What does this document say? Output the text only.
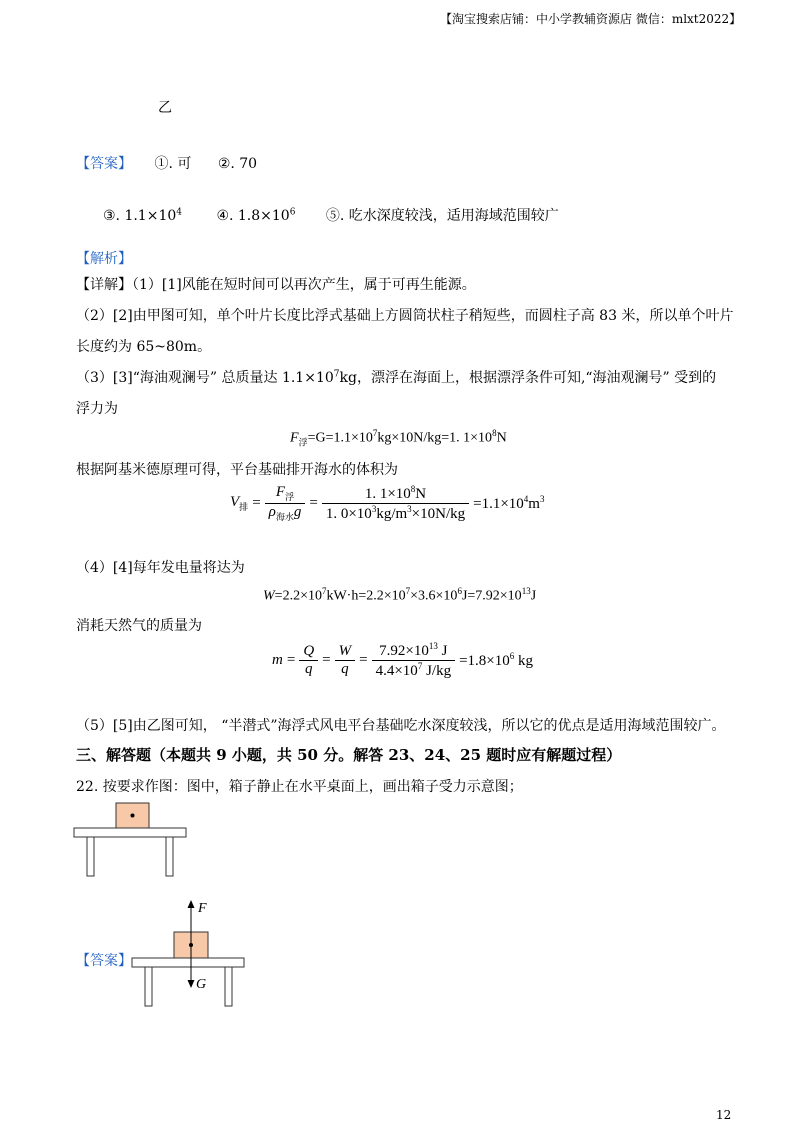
【淘宝搜索店铺：中小学教辅资源店 微信：mlxt2022】
乙
【答案】 ①. 可 ②. 70
③. $1.1\times 10^4$ ④. $1.8\times 10^6$ ⑤. 吃水深度较浅，适用海域范围较广
【解析】
【详解】（1）[1]风能在短时间可以再次产生，属于可再生能源。
（2）[2]由甲图可知，单个叶片长度比浮式基础上方圆筒状柱子稍短些，而圆柱子高 83 米，所以单个叶片
长度约为 65~80m。
（3）[3]“海油观澜号” 总质量达 $1.1\times 10^7kg$，漂浮在海面上，根据漂浮条件可知,“海油观澜号” 受到的
浮力为
$F_浮=G=1.1\times 10^7kg\times 10N/kg=1$. $1\times 10^8N$
根据阿基米德原理可得，平台基础排开海水的体积为
$V_排 = \frac{F_浮}{\rho_{海水}g} = \frac{1. 1\times 10^8N}{1. 0\times 10^3kg/m^3\times 10N/kg} =1.1\times 10^4m^3$
（4）[4]每年发电量将达为
$W=2.2\times 10^7kW\cdot h=2.2\times 10^7\times 3.6\times 10^6J=7.92\times 10^{13}J$
消耗天然气的质量为
$m = \frac{Q}{q} = \frac{W}{q} = \frac{7.92\times 10^{13} J}{4.4\times 10^7 J/kg} =1.8\times 10^6$ kg
（5）[5]由乙图可知， “半潜式”海浮式风电平台基础吃水深度较浅，所以它的优点是适用海域范围较广。
三、解答题（本题共 9 小题，共 50 分。解答 23、24、25 题时应有解题过程）
22. 按要求作图：图中，箱子静止在水平桌面上，画出箱子受力示意图；
【答案】
F
G
12
